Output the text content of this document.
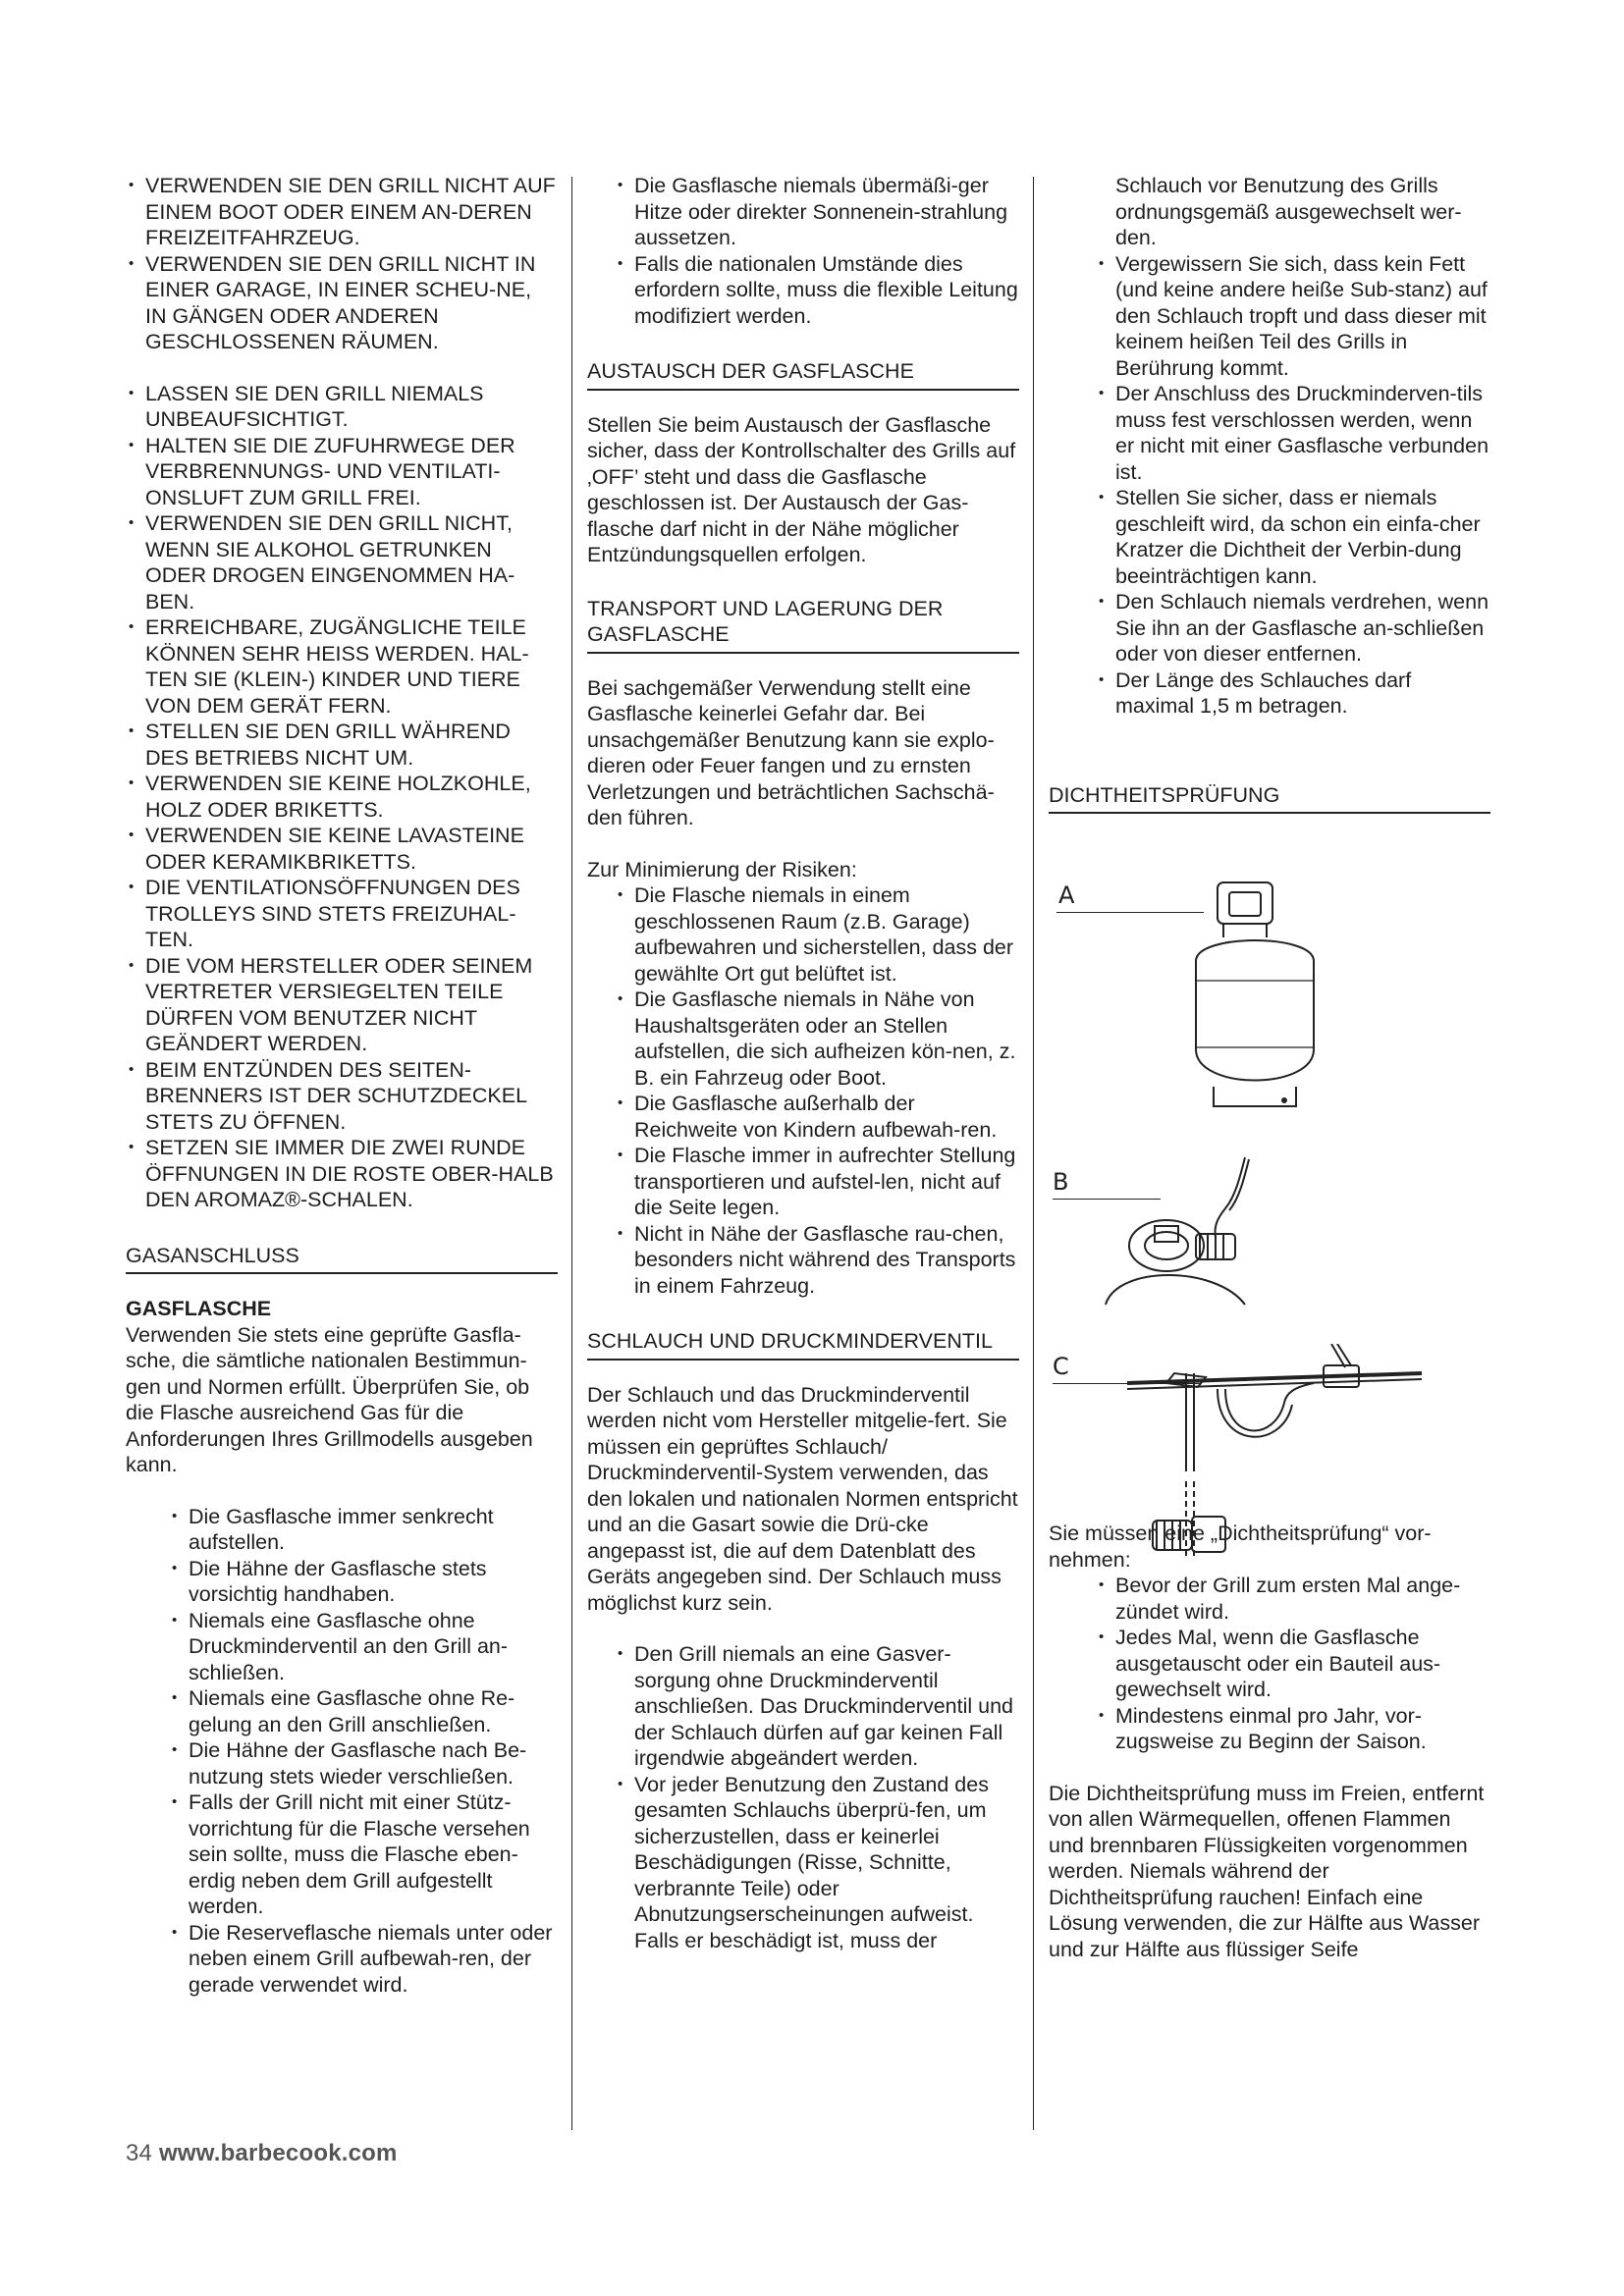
• VERWENDEN SIE DEN GRILL NICHT AUF EINEM BOOT ODER EINEM AN-DEREN FREIZEITFAHRZEUG.
• VERWENDEN SIE DEN GRILL NICHT IN EINER GARAGE, IN EINER SCHEU-NE, IN GÄNGEN ODER ANDEREN GESCHLOSSENEN RÄUMEN.
• LASSEN SIE DEN GRILL NIEMALS UNBEAUFSICHTIGT.
• HALTEN SIE DIE ZUFUHRWEGE DER VERBRENNUNGS- UND VENTILATI-ONSLUFT ZUM GRILL FREI.
• VERWENDEN SIE DEN GRILL NICHT, WENN SIE ALKOHOL GETRUNKEN ODER DROGEN EINGENOMMEN HA-BEN.
• ERREICHBARE, ZUGÄNGLICHE TEILE KÖNNEN SEHR HEISS WERDEN. HAL-TEN SIE (KLEIN-) KINDER UND TIERE VON DEM GERÄT FERN.
• STELLEN SIE DEN GRILL WÄHREND DES BETRIEBS NICHT UM.
• VERWENDEN SIE KEINE HOLZKOHLE, HOLZ ODER BRIKETTS.
• VERWENDEN SIE KEINE LAVASTEINE ODER KERAMIKBRIKETTS.
• DIE VENTILATIONSÖFFNUNGEN DES TROLLEYS SIND STETS FREIZUHAL-TEN.
• DIE VOM HERSTELLER ODER SEINEM VERTRETER VERSIEGELTEN TEILE DÜRFEN VOM BENUTZER NICHT GEÄNDERT WERDEN.
• BEIM ENTZÜNDEN DES SEITEN-BRENNERS IST DER SCHUTZDECKEL STETS ZU ÖFFNEN.
• SETZEN SIE IMMER DIE ZWEI RUNDE ÖFFNUNGEN IN DIE ROSTE OBER-HALB DEN AROMAZ®-SCHALEN.
GASANSCHLUSS
GASFLASCHE

Verwenden Sie stets eine geprüfte Gasfla-sche, die sämtliche nationalen Bestimmun-gen und Normen erfüllt. Überprüfen Sie, ob die Flasche ausreichend Gas für die Anforderungen Ihres Grillmodells ausgeben kann.

• Die Gasflasche immer senkrecht aufstellen.
• Die Hähne der Gasflasche stets vorsichtig handhaben.
• Niemals eine Gasflasche ohne Druckminderventil an den Grill an-schließen.
• Niemals eine Gasflasche ohne Re-gelung an den Grill anschließen.
• Die Hähne der Gasflasche nach Be-nutzung stets wieder verschließen.
• Falls der Grill nicht mit einer Stütz-vorrichtung für die Flasche versehen sein sollte, muss die Flasche eben-erdig neben dem Grill aufgestellt werden.
• Die Reserveflasche niemals unter oder neben einem Grill aufbewah-ren, der gerade verwendet wird.
• Die Gasflasche niemals übermäßi-ger Hitze oder direkter Sonnenein-strahlung aussetzen.
• Falls die nationalen Umstände dies erfordern sollte, muss die flexible Leitung modifiziert werden.
AUSTAUSCH DER GASFLASCHE

Stellen Sie beim Austausch der Gasflasche sicher, dass der Kontrollschalter des Grills auf ‚OFF’ steht und dass die Gasflasche geschlossen ist. Der Austausch der Gas-flasche darf nicht in der Nähe möglicher Entzündungsquellen erfolgen.

TRANSPORT UND LAGERUNG DER GASFLASCHE

Bei sachgemäßer Verwendung stellt eine Gasflasche keinerlei Gefahr dar. Bei unsachgemäßer Benutzung kann sie explo-dieren oder Feuer fangen und zu ernsten Verletzungen und beträchtlichen Sachschä-den führen.

Zur Minimierung der Risiken:

• Die Flasche niemals in einem geschlossenen Raum (z.B. Garage) aufbewahren und sicherstellen, dass der gewählte Ort gut belüftet ist.
• Die Gasflasche niemals in Nähe von Haushaltsgeräten oder an Stellen aufstellen, die sich aufheizen kön-nen, z. B. ein Fahrzeug oder Boot.
• Die Gasflasche außerhalb der Reichweite von Kindern aufbewah-ren.
• Die Flasche immer in aufrechter Stellung transportieren und aufstel-len, nicht auf die Seite legen.
• Nicht in Nähe der Gasflasche rau-chen, besonders nicht während des Transports in einem Fahrzeug.
SCHLAUCH UND DRUCKMINDERVENTIL

Der Schlauch und das Druckminderventil werden nicht vom Hersteller mitgelie-fert. Sie müssen ein geprüftes Schlauch/ Druckminderventil-System verwenden, das den lokalen und nationalen Normen entspricht und an die Gasart sowie die Drü-cke angepasst ist, die auf dem Datenblatt des Geräts angegeben sind. Der Schlauch muss möglichst kurz sein.

• Den Grill niemals an eine Gasver-sorgung ohne Druckminderventil anschließen. Das Druckminderventil und der Schlauch dürfen auf gar keinen Fall irgendwie abgeändert werden.
• Vor jeder Benutzung den Zustand des gesamten Schlauchs überprü-fen, um sicherzustellen, dass er keinerlei Beschädigungen (Risse, Schnitte, verbrannte Teile) oder Abnutzungserscheinungen aufweist. Falls er beschädigt ist, muss der

Schlauch vor Benutzung des Grills ordnungsgemäß ausgewechselt wer-den.

• Vergewissern Sie sich, dass kein Fett (und keine andere heiße Sub-stanz) auf den Schlauch tropft und dass dieser mit keinem heißen Teil des Grills in Berührung kommt.
• Der Anschluss des Druckminderven-tils muss fest verschlossen werden, wenn er nicht mit einer Gasflasche verbunden ist.
• Stellen Sie sicher, dass er niemals geschleift wird, da schon ein einfa-cher Kratzer die Dichtheit der Verbin-dung beeinträchtigen kann.
• Den Schlauch niemals verdrehen, wenn Sie ihn an der Gasflasche an-schließen oder von dieser entfernen.
• Der Länge des Schlauches darf maximal 1,5 m betragen.
DICHTHEITSPRÜFUNG
A
B
C

Sie müssen eine „Dichtheitsprüfung“ vor-nehmen:

• Bevor der Grill zum ersten Mal ange-zündet wird.
• Jedes Mal, wenn die Gasflasche ausgetauscht oder ein Bauteil aus-gewechselt wird.
• Mindestens einmal pro Jahr, vor-zugsweise zu Beginn der Saison.

Die Dichtheitsprüfung muss im Freien, entfernt von allen Wärmequellen, offenen Flammen und brennbaren Flüssigkeiten vorgenommen werden. Niemals während der Dichtheitsprüfung rauchen! Einfach eine Lösung verwenden, die zur Hälfte aus Wasser und zur Hälfte aus flüssiger Seife

34 www.barbecook.com
